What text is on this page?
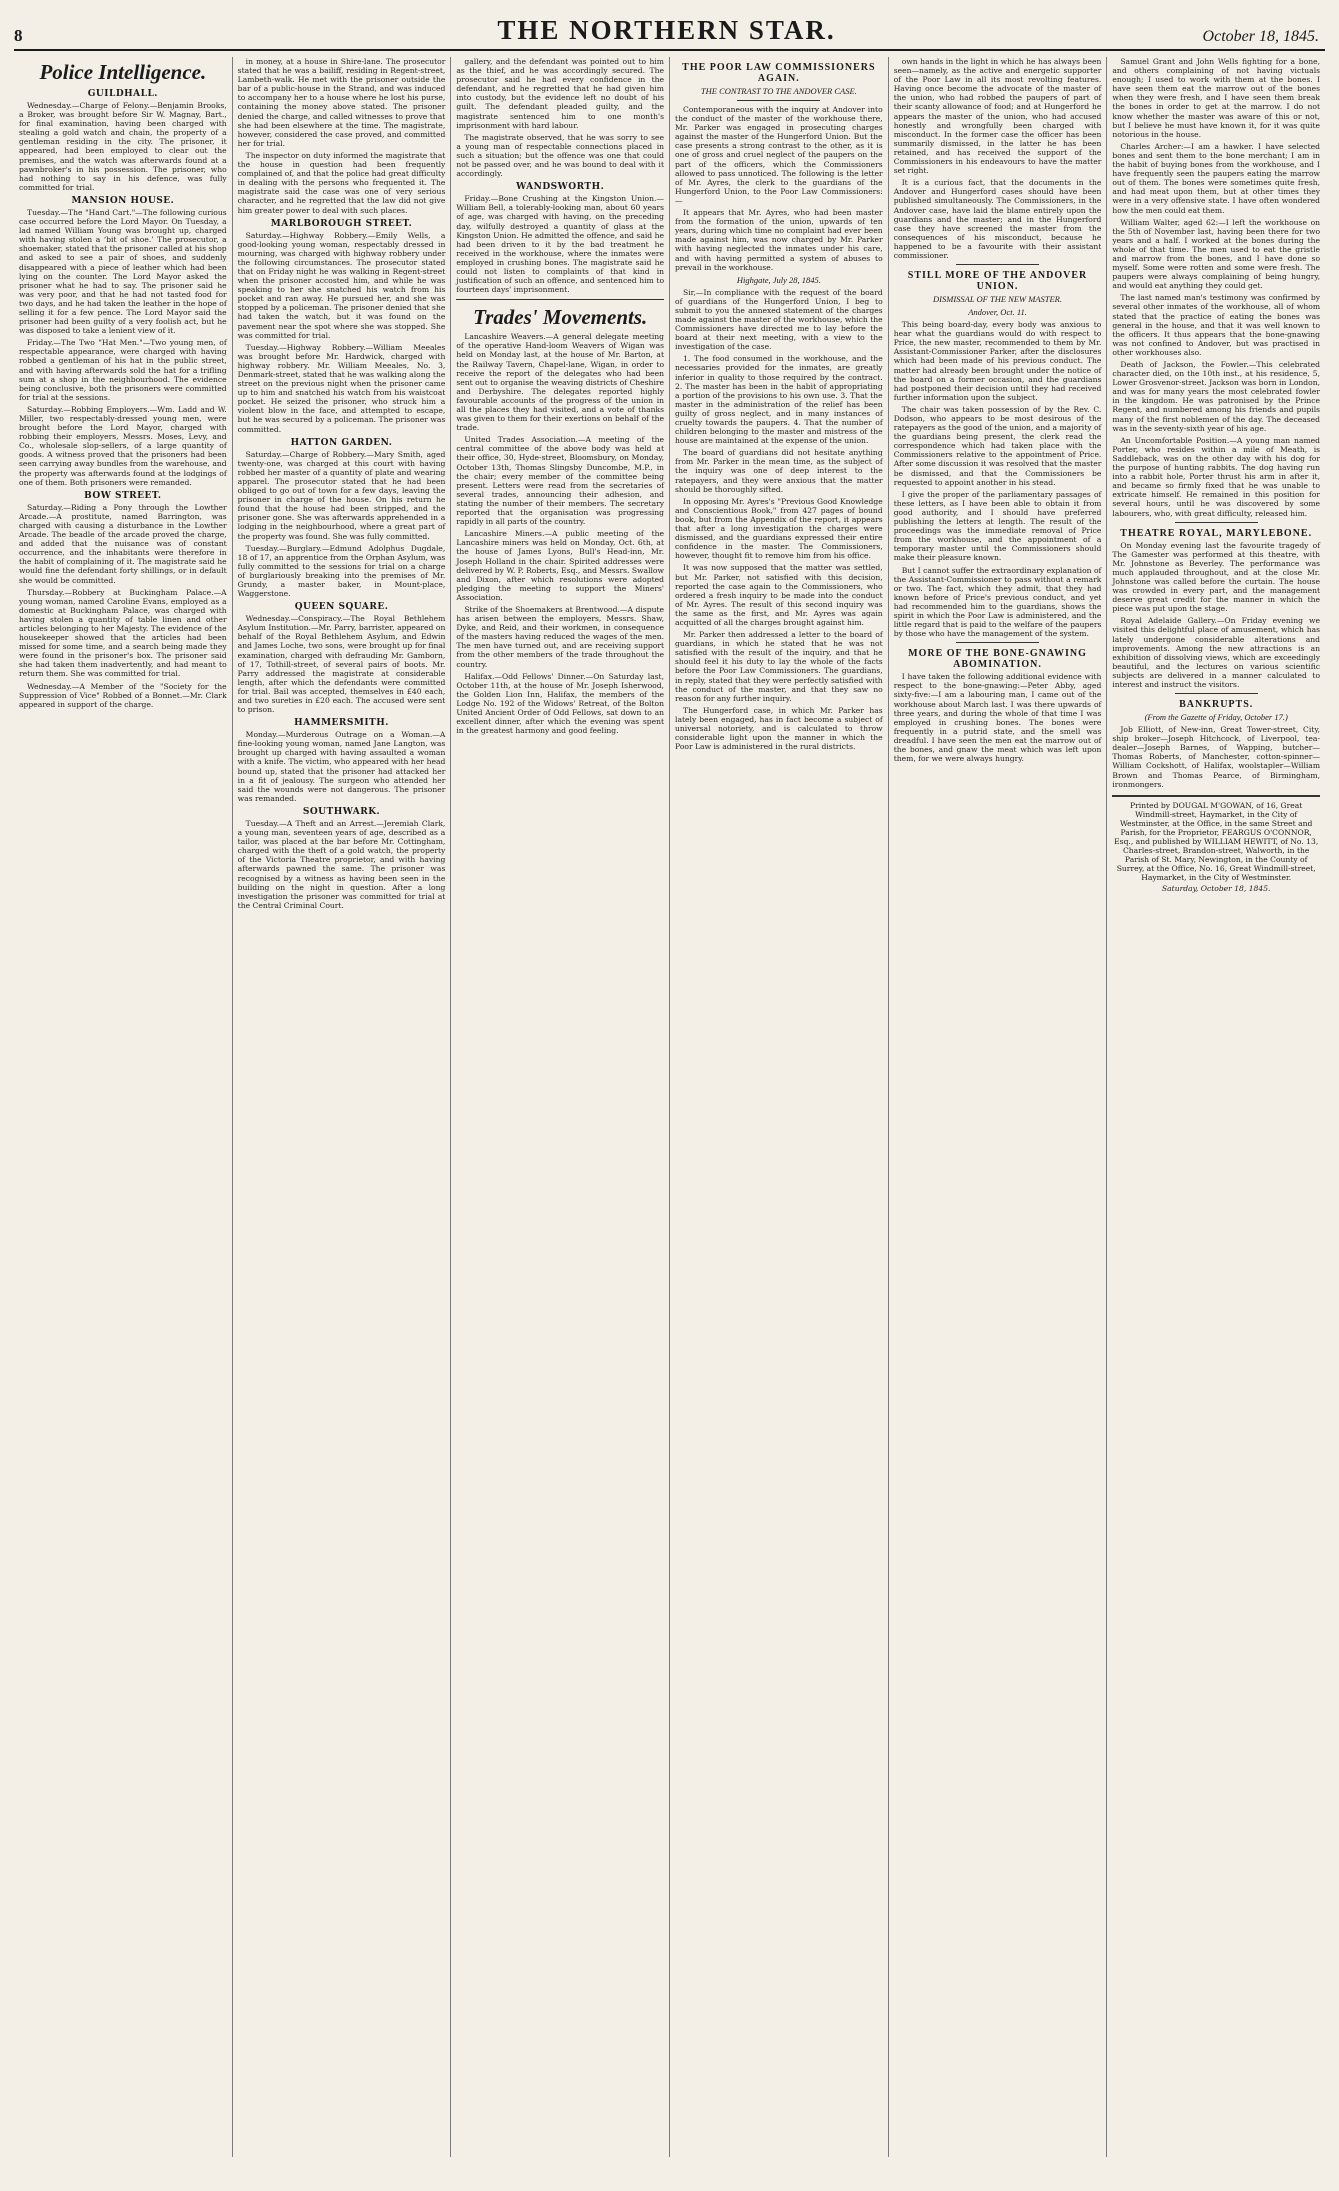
8	THE NORTHERN STAR.	October 18, 1845.
Police Intelligence.
GUILDHALL.

Wednesday.—Charge of Felony.—Benjamin Brooks, a Broker, was brought before Sir W. Magnay, Bart., for final examination, having been charged with stealing a gold watch and chain, the property of a gentleman residing in the city. The prisoner, it appeared, had been employed to clear out the premises, and the watch was afterwards found at a pawnbroker's in his possession. The prisoner, who had nothing to say in his defence, was fully committed for trial.

MANSION HOUSE.

Tuesday.—The "Hand Cart."—The following curious case occurred before the Lord Mayor. On Tuesday, a lad named William Young was brought up, charged with having stolen a ‘bit of shoe.’ The prosecutor, a shoemaker, stated that the prisoner called at his shop and asked to see a pair of shoes, and suddenly disappeared with a piece of leather which had been lying on the counter. The Lord Mayor asked the prisoner what he had to say. The prisoner said he was very poor, and that he had not tasted food for two days, and he had taken the leather in the hope of selling it for a few pence. The Lord Mayor said the prisoner had been guilty of a very foolish act, but he was disposed to take a lenient view of it.

Friday.—The Two "Hat Men."—Two young men, of respectable appearance, were charged with having robbed a gentleman of his hat in the public street, and with having afterwards sold the hat for a trifling sum at a shop in the neighbourhood. The evidence being conclusive, both the prisoners were committed for trial at the sessions.

Saturday.—Robbing Employers.—Wm. Ladd and W. Miller, two respectably-dressed young men, were brought before the Lord Mayor, charged with robbing their employers, Messrs. Moses, Levy, and Co., wholesale slop-sellers, of a large quantity of goods. A witness proved that the prisoners had been seen carrying away bundles from the warehouse, and the property was afterwards found at the lodgings of one of them. Both prisoners were remanded.

BOW STREET.

Saturday.—Riding a Pony through the Lowther Arcade.—A prostitute, named Barrington, was charged with causing a disturbance in the Lowther Arcade. The beadle of the arcade proved the charge, and added that the nuisance was of constant occurrence, and the inhabitants were therefore in the habit of complaining of it. The magistrate said he would fine the defendant forty shillings, or in default she would be committed.

Thursday.—Robbery at Buckingham Palace.—A young woman, named Caroline Evans, employed as a domestic at Buckingham Palace, was charged with having stolen a quantity of table linen and other articles belonging to her Majesty. The evidence of the housekeeper showed that the articles had been missed for some time, and a search being made they were found in the prisoner's box. The prisoner said she had taken them inadvertently, and had meant to return them. She was committed for trial.

Wednesday.—A Member of the "Society for the Suppression of Vice" Robbed of a Bonnet.—Mr. Clark appeared in support of the charge.

in money, at a house in Shire-lane. The prosecutor stated that he was a bailiff, residing in Regent-street, Lambeth-walk. He met with the prisoner outside the bar of a public-house in the Strand, and was induced to accompany her to a house where he lost his purse, containing the money above stated. The prisoner denied the charge, and called witnesses to prove that she had been elsewhere at the time. The magistrate, however, considered the case proved, and committed her for trial.

The inspector on duty informed the magistrate that the house in question had been frequently complained of, and that the police had great difficulty in dealing with the persons who frequented it. The magistrate said the case was one of very serious character, and he regretted that the law did not give him greater power to deal with such places.

MARLBOROUGH STREET.

Saturday.—Highway Robbery.—Emily Wells, a good-looking young woman, respectably dressed in mourning, was charged with highway robbery under the following circumstances. The prosecutor stated that on Friday night he was walking in Regent-street when the prisoner accosted him, and while he was speaking to her she snatched his watch from his pocket and ran away. He pursued her, and she was stopped by a policeman. The prisoner denied that she had taken the watch, but it was found on the pavement near the spot where she was stopped. She was committed for trial.

Tuesday.—Highway Robbery.—William Meeales was brought before Mr. Hardwick, charged with highway robbery. Mr. William Meeales, No. 3, Denmark-street, stated that he was walking along the street on the previous night when the prisoner came up to him and snatched his watch from his waistcoat pocket. He seized the prisoner, who struck him a violent blow in the face, and attempted to escape, but he was secured by a policeman. The prisoner was committed.

HATTON GARDEN.

Saturday.—Charge of Robbery.—Mary Smith, aged twenty-one, was charged at this court with having robbed her master of a quantity of plate and wearing apparel. The prosecutor stated that he had been obliged to go out of town for a few days, leaving the prisoner in charge of the house. On his return he found that the house had been stripped, and the prisoner gone. She was afterwards apprehended in a lodging in the neighbourhood, where a great part of the property was found. She was fully committed.

Tuesday.—Burglary.—Edmund Adolphus Dugdale, 18 of 17, an apprentice from the Orphan Asylum, was fully committed to the sessions for trial on a charge of burglariously breaking into the premises of Mr. Grundy, a master baker, in Mount-place, Waggerstone.

QUEEN SQUARE.

Wednesday.—Conspiracy.—The Royal Bethlehem Asylum Institution.—Mr. Parry, barrister, appeared on behalf of the Royal Bethlehem Asylum, and Edwin and James Loche, two sons, were brought up for final examination, charged with defrauding Mr. Gamborn, of 17, Tothill-street, of several pairs of boots. Mr. Parry addressed the magistrate at considerable length, after which the defendants were committed for trial. Bail was accepted, themselves in £40 each, and two sureties in £20 each. The accused were sent to prison.

HAMMERSMITH.

Monday.—Murderous Outrage on a Woman.—A fine-looking young woman, named Jane Langton, was brought up charged with having assaulted a woman with a knife. The victim, who appeared with her head bound up, stated that the prisoner had attacked her in a fit of jealousy. The surgeon who attended her said the wounds were not dangerous. The prisoner was remanded.

SOUTHWARK.

Tuesday.—A Theft and an Arrest.—Jeremiah Clark, a young man, seventeen years of age, described as a tailor, was placed at the bar before Mr. Cottingham, charged with the theft of a gold watch, the property of the Victoria Theatre proprietor, and with having afterwards pawned the same. The prisoner was recognised by a witness as having been seen in the building on the night in question. After a long investigation the prisoner was committed for trial at the Central Criminal Court.

gallery, and the defendant was pointed out to him as the thief, and he was accordingly secured. The prosecutor said he had every confidence in the defendant, and he regretted that he had given him into custody, but the evidence left no doubt of his guilt. The defendant pleaded guilty, and the magistrate sentenced him to one month's imprisonment with hard labour.

The magistrate observed, that he was sorry to see a young man of respectable connections placed in such a situation; but the offence was one that could not be passed over, and he was bound to deal with it accordingly.

WANDSWORTH.

Friday.—Bone Crushing at the Kingston Union.—William Bell, a tolerably-looking man, about 60 years of age, was charged with having, on the preceding day, wilfully destroyed a quantity of glass at the Kingston Union. He admitted the offence, and said he had been driven to it by the bad treatment he received in the workhouse, where the inmates were employed in crushing bones. The magistrate said he could not listen to complaints of that kind in justification of such an offence, and sentenced him to fourteen days' imprisonment.

Trades' Movements.

Lancashire Weavers.—A general delegate meeting of the operative Hand-loom Weavers of Wigan was held on Monday last, at the house of Mr. Barton, at the Railway Tavern, Chapel-lane, Wigan, in order to receive the report of the delegates who had been sent out to organise the weaving districts of Cheshire and Derbyshire. The delegates reported highly favourable accounts of the progress of the union in all the places they had visited, and a vote of thanks was given to them for their exertions on behalf of the trade.

United Trades Association.—A meeting of the central committee of the above body was held at their office, 30, Hyde-street, Bloomsbury, on Monday, October 13th, Thomas Slingsby Duncombe, M.P., in the chair; every member of the committee being present. Letters were read from the secretaries of several trades, announcing their adhesion, and stating the number of their members. The secretary reported that the organisation was progressing rapidly in all parts of the country.

Lancashire Miners.—A public meeting of the Lancashire miners was held on Monday, Oct. 6th, at the house of James Lyons, Bull's Head-inn, Mr. Joseph Holland in the chair. Spirited addresses were delivered by W. P. Roberts, Esq., and Messrs. Swallow and Dixon, after which resolutions were adopted pledging the meeting to support the Miners' Association.

Strike of the Shoemakers at Brentwood.—A dispute has arisen between the employers, Messrs. Shaw, Dyke, and Reid, and their workmen, in consequence of the masters having reduced the wages of the men. The men have turned out, and are receiving support from the other members of the trade throughout the country.

Halifax.—Odd Fellows' Dinner.—On Saturday last, October 11th, at the house of Mr. Joseph Isherwood, the Golden Lion Inn, Halifax, the members of the Lodge No. 192 of the Widows' Retreat, of the Bolton United Ancient Order of Odd Fellows, sat down to an excellent dinner, after which the evening was spent in the greatest harmony and good feeling.

THE POOR LAW COMMISSIONERS AGAIN.
THE CONTRAST TO THE ANDOVER CASE.

Contemporaneous with the inquiry at Andover into the conduct of the master of the workhouse there, Mr. Parker was engaged in prosecuting charges against the master of the Hungerford Union. But the case presents a strong contrast to the other, as it is one of gross and cruel neglect of the paupers on the part of the officers, which the Commissioners allowed to pass unnoticed. The following is the letter of Mr. Ayres, the clerk to the guardians of the Hungerford Union, to the Poor Law Commissioners:—

It appears that Mr. Ayres, who had been master from the formation of the union, upwards of ten years, during which time no complaint had ever been made against him, was now charged by Mr. Parker with having neglected the inmates under his care, and with having permitted a system of abuses to prevail in the workhouse.

Highgate, July 28, 1845.

Sir,—In compliance with the request of the board of guardians of the Hungerford Union, I beg to submit to you the annexed statement of the charges made against the master of the workhouse, which the Commissioners have directed me to lay before the board at their next meeting, with a view to the investigation of the case.

1. The food consumed in the workhouse, and the necessaries provided for the inmates, are greatly inferior in quality to those required by the contract. 2. The master has been in the habit of appropriating a portion of the provisions to his own use. 3. That the master in the administration of the relief has been guilty of gross neglect, and in many instances of cruelty towards the paupers. 4. That the number of children belonging to the master and mistress of the house are maintained at the expense of the union.

The board of guardians did not hesitate anything from Mr. Parker in the mean time, as the subject of the inquiry was one of deep interest to the ratepayers, and they were anxious that the matter should be thoroughly sifted.

In opposing Mr. Ayres's "Previous Good Knowledge and Conscientious Book," from 427 pages of bound book, but from the Appendix of the report, it appears that after a long investigation the charges were dismissed, and the guardians expressed their entire confidence in the master. The Commissioners, however, thought fit to remove him from his office.

It was now supposed that the matter was settled, but Mr. Parker, not satisfied with this decision, reported the case again to the Commissioners, who ordered a fresh inquiry to be made into the conduct of Mr. Ayres. The result of this second inquiry was the same as the first, and Mr. Ayres was again acquitted of all the charges brought against him.

Mr. Parker then addressed a letter to the board of guardians, in which he stated that he was not satisfied with the result of the inquiry, and that he should feel it his duty to lay the whole of the facts before the Poor Law Commissioners. The guardians, in reply, stated that they were perfectly satisfied with the conduct of the master, and that they saw no reason for any further inquiry.

The Hungerford case, in which Mr. Parker has lately been engaged, has in fact become a subject of universal notoriety, and is calculated to throw considerable light upon the manner in which the Poor Law is administered in the rural districts.

own hands in the light in which he has always been seen—namely, as the active and energetic supporter of the Poor Law in all its most revolting features. Having once become the advocate of the master of the union, who had robbed the paupers of part of their scanty allowance of food; and at Hungerford he appears the master of the union, who had accused honestly and wrongfully been charged with misconduct. In the former case the officer has been summarily dismissed, in the latter he has been retained, and has received the support of the Commissioners in his endeavours to have the matter set right.

It is a curious fact, that the documents in the Andover and Hungerford cases should have been published simultaneously. The Commissioners, in the Andover case, have laid the blame entirely upon the guardians and the master; and in the Hungerford case they have screened the master from the consequences of his misconduct, because he happened to be a favourite with their assistant commissioner.

STILL MORE OF THE ANDOVER UNION.
DISMISSAL OF THE NEW MASTER.
Andover, Oct. 11.

This being board-day, every body was anxious to hear what the guardians would do with respect to Price, the new master, recommended to them by Mr. Assistant-Commissioner Parker, after the disclosures which had been made of his previous conduct. The matter had already been brought under the notice of the board on a former occasion, and the guardians had postponed their decision until they had received further information upon the subject.

The chair was taken possession of by the Rev. C. Dodson, who appears to be most desirous of the ratepayers as the good of the union, and a majority of the guardians being present, the clerk read the correspondence which had taken place with the Commissioners relative to the appointment of Price. After some discussion it was resolved that the master be dismissed, and that the Commissioners be requested to appoint another in his stead.

I give the proper of the parliamentary passages of these letters, as I have been able to obtain it from good authority, and I should have preferred publishing the letters at length. The result of the proceedings was the immediate removal of Price from the workhouse, and the appointment of a temporary master until the Commissioners should make their pleasure known.

But I cannot suffer the extraordinary explanation of the Assistant-Commissioner to pass without a remark or two. The fact, which they admit, that they had known before of Price's previous conduct, and yet had recommended him to the guardians, shows the spirit in which the Poor Law is administered, and the little regard that is paid to the welfare of the paupers by those who have the management of the system.

MORE OF THE BONE-GNAWING ABOMINATION.

I have taken the following additional evidence with respect to the bone-gnawing:—Peter Abby, aged sixty-five:—I am a labouring man, I came out of the workhouse about March last. I was there upwards of three years, and during the whole of that time I was employed in crushing bones. The bones were frequently in a putrid state, and the smell was dreadful. I have seen the men eat the marrow out of the bones, and gnaw the meat which was left upon them, for we were always hungry.

Samuel Grant and John Wells fighting for a bone, and others complaining of not having victuals enough; I used to work with them at the bones. I have seen them eat the marrow out of the bones when they were fresh, and I have seen them break the bones in order to get at the marrow. I do not know whether the master was aware of this or not, but I believe he must have known it, for it was quite notorious in the house.

Charles Archer:—I am a hawker. I have selected bones and sent them to the bone merchant; I am in the habit of buying bones from the workhouse, and I have frequently seen the paupers eating the marrow out of them. The bones were sometimes quite fresh, and had meat upon them, but at other times they were in a very offensive state. I have often wondered how the men could eat them.

William Walter, aged 62:—I left the workhouse on the 5th of November last, having been there for two years and a half. I worked at the bones during the whole of that time. The men used to eat the gristle and marrow from the bones, and I have done so myself. Some were rotten and some were fresh. The paupers were always complaining of being hungry, and would eat anything they could get.

The last named man's testimony was confirmed by several other inmates of the workhouse, all of whom stated that the practice of eating the bones was general in the house, and that it was well known to the officers. It thus appears that the bone-gnawing was not confined to Andover, but was practised in other workhouses also.

Death of Jackson, the Fowler.—This celebrated character died, on the 10th inst., at his residence, 5, Lower Grosvenor-street. Jackson was born in London, and was for many years the most celebrated fowler in the kingdom. He was patronised by the Prince Regent, and numbered among his friends and pupils many of the first noblemen of the day. The deceased was in the seventy-sixth year of his age.

An Uncomfortable Position.—A young man named Porter, who resides within a mile of Meath, is Saddleback, was on the other day with his dog for the purpose of hunting rabbits. The dog having run into a rabbit hole, Porter thrust his arm in after it, and became so firmly fixed that he was unable to extricate himself. He remained in this position for several hours, until he was discovered by some labourers, who, with great difficulty, released him.

THEATRE ROYAL, MARYLEBONE.

On Monday evening last the favourite tragedy of The Gamester was performed at this theatre, with Mr. Johnstone as Beverley. The performance was much applauded throughout, and at the close Mr. Johnstone was called before the curtain. The house was crowded in every part, and the management deserve great credit for the manner in which the piece was put upon the stage.

Royal Adelaide Gallery.—On Friday evening we visited this delightful place of amusement, which has lately undergone considerable alterations and improvements. Among the new attractions is an exhibition of dissolving views, which are exceedingly beautiful, and the lectures on various scientific subjects are delivered in a manner calculated to interest and instruct the visitors.

BANKRUPTS.
(From the Gazette of Friday, October 17.)

Job Elliott, of New-inn, Great Tower-street, City, ship broker—Joseph Hitchcock, of Liverpool, tea-dealer—Joseph Barnes, of Wapping, butcher—Thomas Roberts, of Manchester, cotton-spinner—William Cockshott, of Halifax, woolstapler—William Brown and Thomas Pearce, of Birmingham, ironmongers.

Printed by DOUGAL M'GOWAN, of 16, Great Windmill-street, Haymarket, in the City of Westminster, at the Office, in the same Street and Parish, for the Proprietor, FEARGUS O'CONNOR, Esq., and published by WILLIAM HEWITT, of No. 13, Charles-street, Brandon-street, Walworth, in the Parish of St. Mary, Newington, in the County of Surrey, at the Office, No. 16, Great Windmill-street, Haymarket, in the City of Westminster.
Saturday, October 18, 1845.
